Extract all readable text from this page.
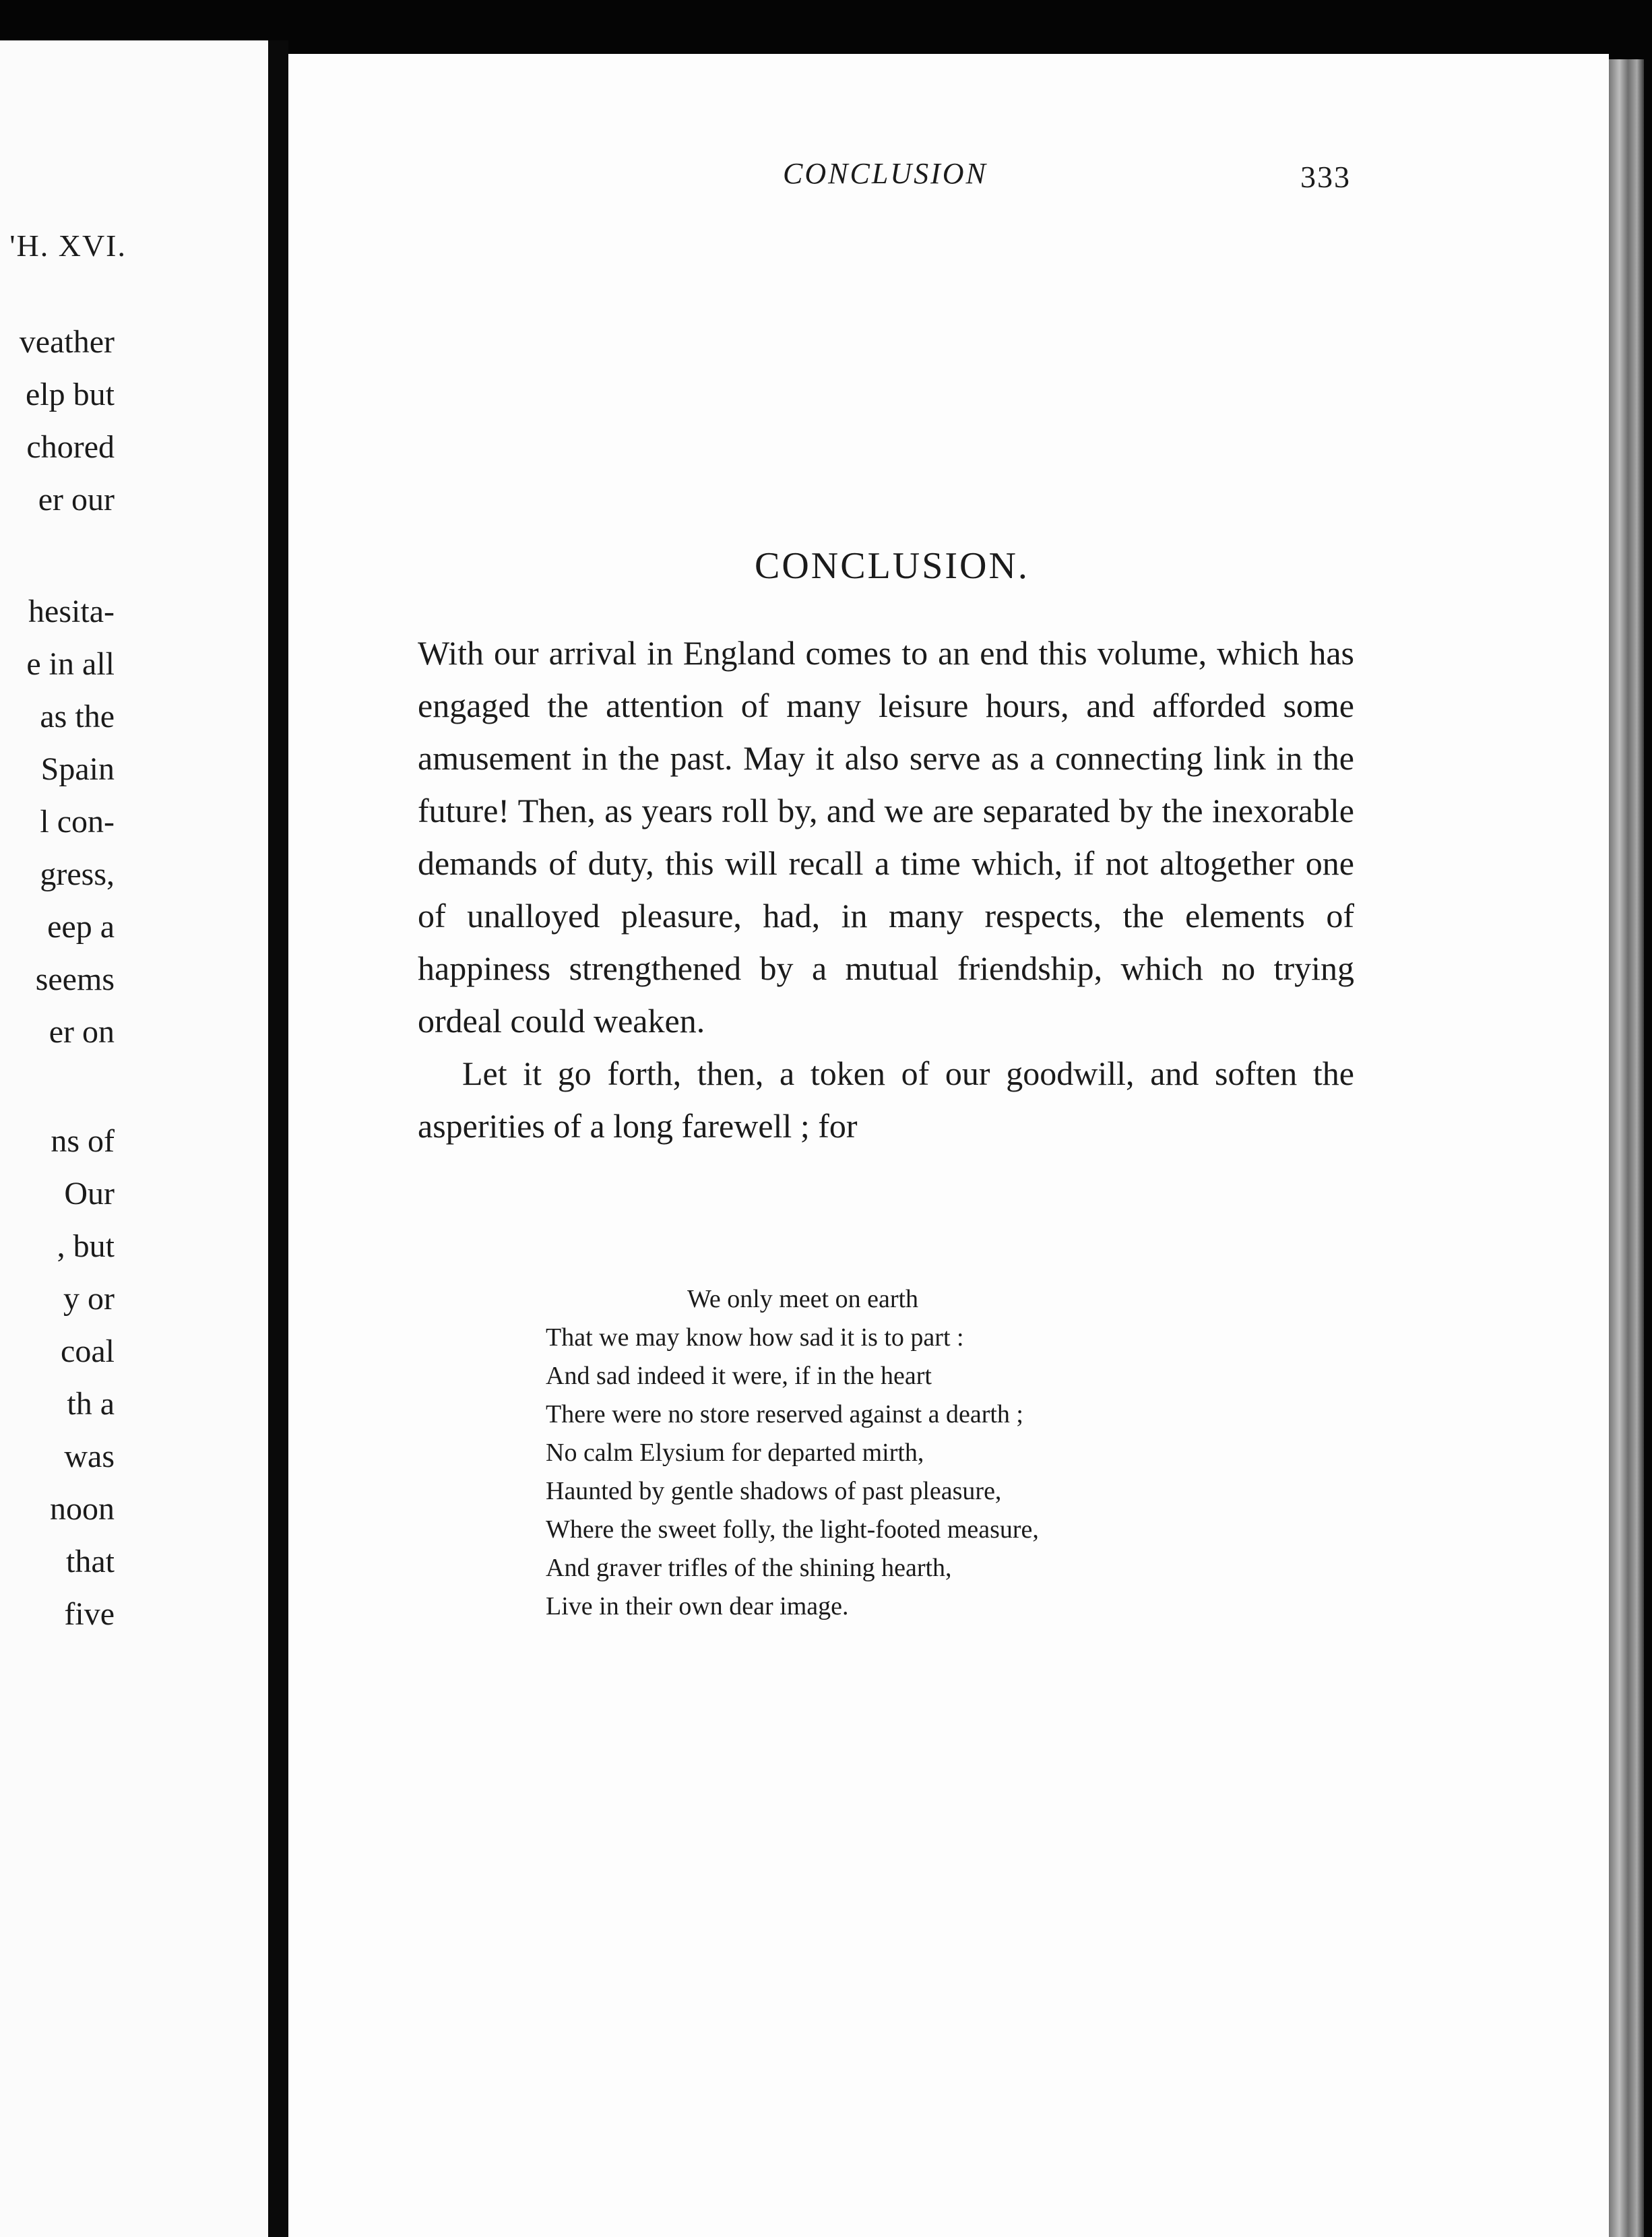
'H. XVI.
veather
elp but
chored
er our
hesita-
e in all
as the
Spain
l con-
gress,
eep a
seems
er on
ns of
Our
, but
y or
coal
th a
was
noon
that
five
CONCLUSION	333
CONCLUSION.

With our arrival in England comes to an end this volume, which has engaged the attention of many leisure hours, and afforded some amusement in the past. May it also serve as a connecting link in the future! Then, as years roll by, and we are separated by the inexorable demands of duty, this will recall a time which, if not altogether one of unalloyed pleasure, had, in many respects, the elements of happiness strengthened by a mutual friendship, which no trying ordeal could weaken.

Let it go forth, then, a token of our goodwill, and soften the asperities of a long farewell ; for

We only meet on earth
That we may know how sad it is to part :
And sad indeed it were, if in the heart
There were no store reserved against a dearth ;
No calm Elysium for departed mirth,
Haunted by gentle shadows of past pleasure,
Where the sweet folly, the light-footed measure,
And graver trifles of the shining hearth,
Live in their own dear image.
